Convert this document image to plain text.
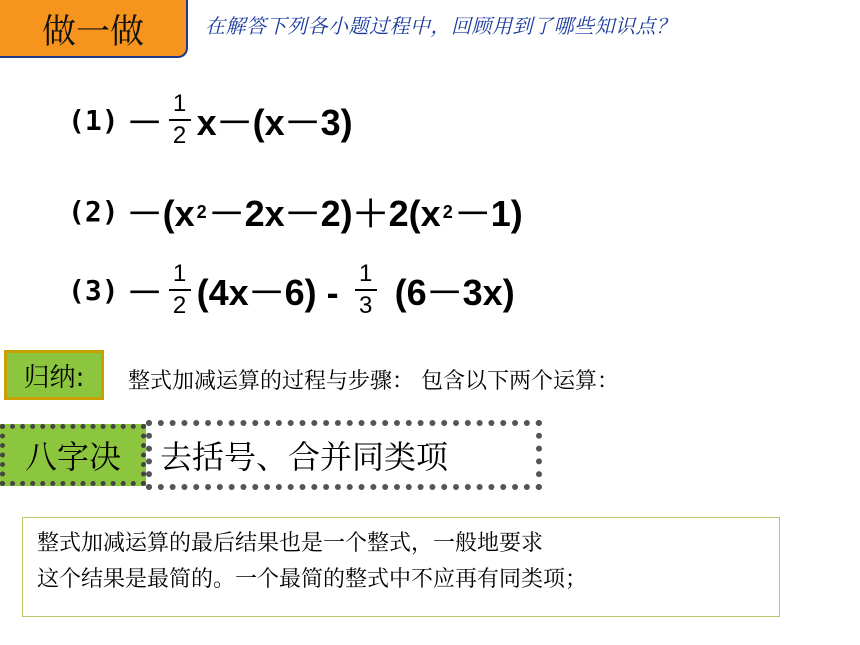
做一做	在解答下列各小题过程中，回顾用到了哪些知识点？
$(1) - \frac{1}{2} x-(x-3)$
(2) －(x 2 －2x－2)＋2(x 2 －1)
$(3) - \frac{1}{2} (4x-6) - \frac{1}{3} (6-3x)$
归纳: 整式加减运算的过程与步骤： 包含以下两个运算：
八字决 去括号、合并同类项
整式加减运算的最后结果也是一个整式，一般地要求
这个结果是最简的。一个最简的整式中不应再有同类项；
